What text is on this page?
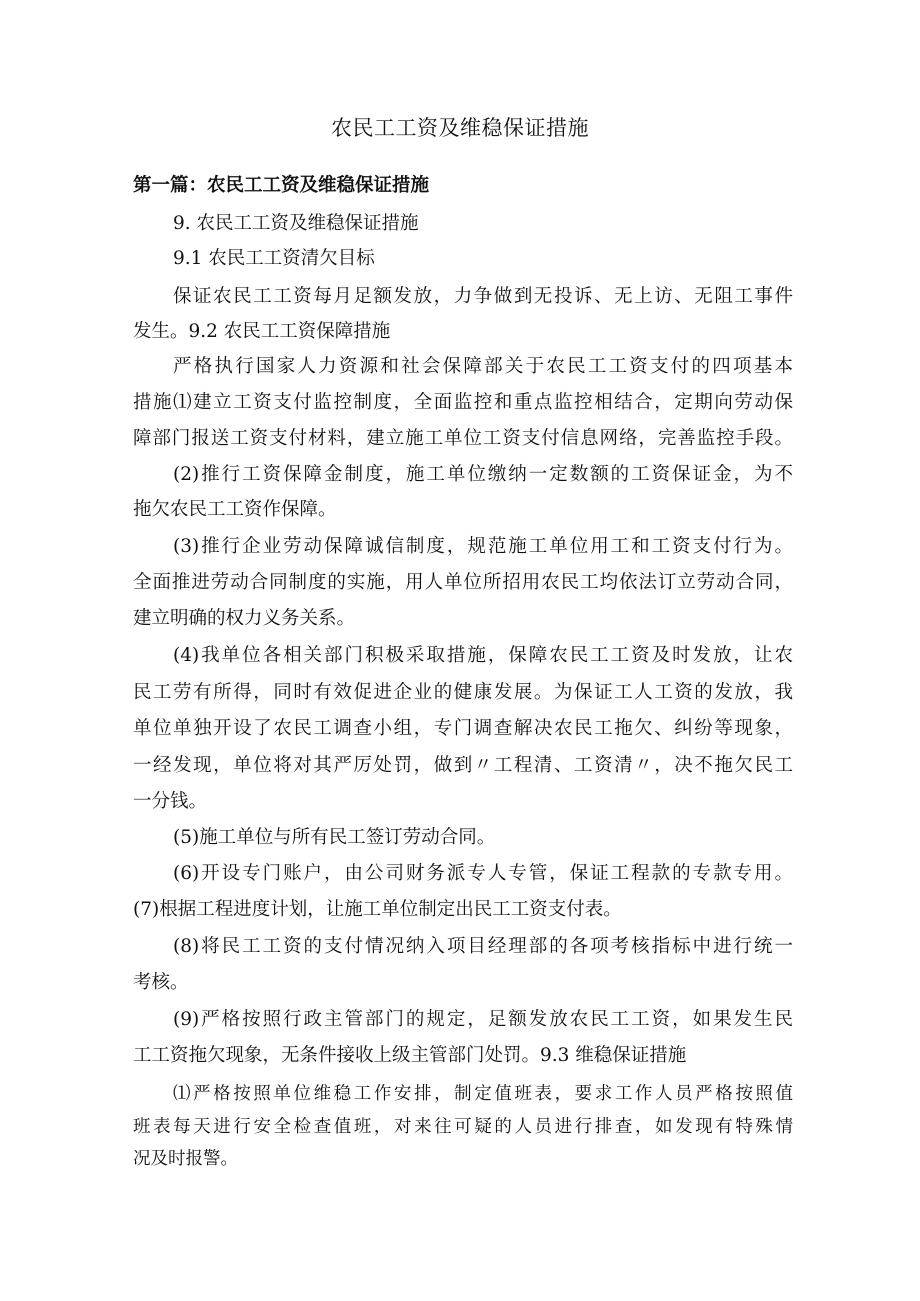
农民工工资及维稳保证措施
第一篇：农民工工资及维稳保证措施
9. 农民工工资及维稳保证措施
9.1 农民工工资清欠目标
保证农民工工资每月足额发放，力争做到无投诉、无上访、无阻工事件
发生。9.2 农民工工资保障措施
严格执行国家人力资源和社会保障部关于农民工工资支付的四项基本
措施⑴建立工资支付监控制度，全面监控和重点监控相结合，定期向劳动保
障部门报送工资支付材料，建立施工单位工资支付信息网络，完善监控手段。
(2)推行工资保障金制度，施工单位缴纳一定数额的工资保证金，为不
拖欠农民工工资作保障。
(3)推行企业劳动保障诚信制度，规范施工单位用工和工资支付行为。
全面推进劳动合同制度的实施，用人单位所招用农民工均依法订立劳动合同，
建立明确的权力义务关系。
(4)我单位各相关部门积极采取措施，保障农民工工资及时发放，让农
民工劳有所得，同时有效促进企业的健康发展。为保证工人工资的发放，我
单位单独开设了农民工调查小组，专门调查解决农民工拖欠、纠纷等现象，
一经发现，单位将对其严厉处罚，做到〃工程清、工资清〃，决不拖欠民工
一分钱。
(5)施工单位与所有民工签订劳动合同。
(6)开设专门账户，由公司财务派专人专管，保证工程款的专款专用。
(7)根据工程进度计划，让施工单位制定出民工工资支付表。
(8)将民工工资的支付情况纳入项目经理部的各项考核指标中进行统一
考核。
(9)严格按照行政主管部门的规定，足额发放农民工工资，如果发生民
工工资拖欠现象，无条件接收上级主管部门处罚。9.3 维稳保证措施
⑴严格按照单位维稳工作安排，制定值班表，要求工作人员严格按照值
班表每天进行安全检查值班，对来往可疑的人员进行排查，如发现有特殊情
况及时报警。
